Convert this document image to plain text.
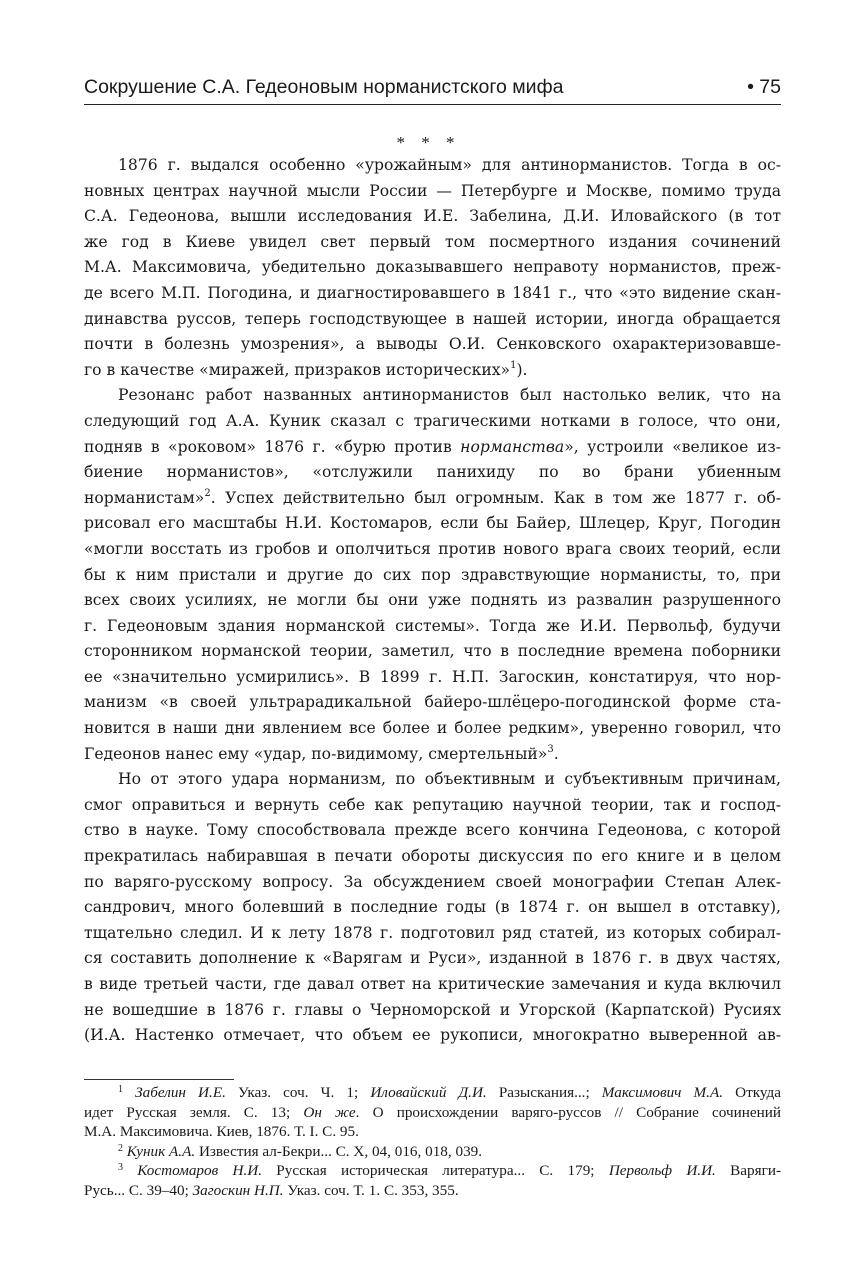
Сокрушение С.А. Гедеоновым норманистского мифа	• 75
* * *
1876 г. выдался особенно «урожайным» для антинорманистов. Тогда в ос-
новных центрах научной мысли России — Петербурге и Москве, помимо труда
С.А. Гедеонова, вышли исследования И.Е. Забелина, Д.И. Иловайского (в тот
же год в Киеве увидел свет первый том посмертного издания сочинений
М.А. Максимовича, убедительно доказывавшего неправоту норманистов, преж-
де всего М.П. Погодина, и диагностировавшего в 1841 г., что «это видение скан-
динавства руссов, теперь господствующее в нашей истории, иногда обращается
почти в болезнь умозрения», а выводы О.И. Сенковского охарактеризовавше-
го в качестве «миражей, призраков исторических»$^1$).
Резонанс работ названных антинорманистов был настолько велик, что на
следующий год А.А. Куник сказал с трагическими нотками в голосе, что они,
подняв в «роковом» 1876 г. «бурю против норманства», устроили «великое из-
биение норманистов», «отслужили панихиду по во брани убиенным
норманистам»$^2$. Успех действительно был огромным. Как в том же 1877 г. об-
рисовал его масштабы Н.И. Костомаров, если бы Байер, Шлецер, Круг, Погодин
«могли восстать из гробов и ополчиться против нового врага своих теорий, если
бы к ним пристали и другие до сих пор здравствующие норманисты, то, при
всех своих усилиях, не могли бы они уже поднять из развалин разрушенного
г. Гедеоновым здания норманской системы». Тогда же И.И. Первольф, будучи
сторонником норманской теории, заметил, что в последние времена поборники
ее «значительно усмирились». В 1899 г. Н.П. Загоскин, констатируя, что нор-
манизм «в своей ультрарадикальной байеро-шлёцеро-погодинской форме ста-
новится в наши дни явлением все более и более редким», уверенно говорил, что
Гедеонов нанес ему «удар, по-видимому, смертельный»$^3$.
Но от этого удара норманизм, по объективным и субъективным причинам,
смог оправиться и вернуть себе как репутацию научной теории, так и господ-
ство в науке. Тому способствовала прежде всего кончина Гедеонова, с которой
прекратилась набиравшая в печати обороты дискуссия по его книге и в целом
по варяго-русскому вопросу. За обсуждением своей монографии Степан Алек-
сандрович, много болевший в последние годы (в 1874 г. он вышел в отставку),
тщательно следил. И к лету 1878 г. подготовил ряд статей, из которых собирал-
ся составить дополнение к «Варягам и Руси», изданной в 1876 г. в двух частях,
в виде третьей части, где давал ответ на критические замечания и куда включил
не вошедшие в 1876 г. главы о Черноморской и Угорской (Карпатской) Русиях
(И.А. Настенко отмечает, что объем ее рукописи, многократно выверенной ав-
$^1$ Забелин И.Е. Указ. соч. Ч. 1; Иловайский Д.И. Разыскания...; Максимович М.А. Откуда
идет Русская земля. С. 13; Он же. О происхождении варяго-руссов // Собрание сочинений
М.А. Максимовича. Киев, 1876. Т. I. С. 95.
$^2$ Куник А.А. Известия ал-Бекри... С. X, 04, 016, 018, 039.
$^3$ Костомаров Н.И. Русская историческая литература... С. 179; Первольф И.И. Варяги-
Русь... С. 39–40; Загоскин Н.П. Указ. соч. Т. 1. С. 353, 355.
